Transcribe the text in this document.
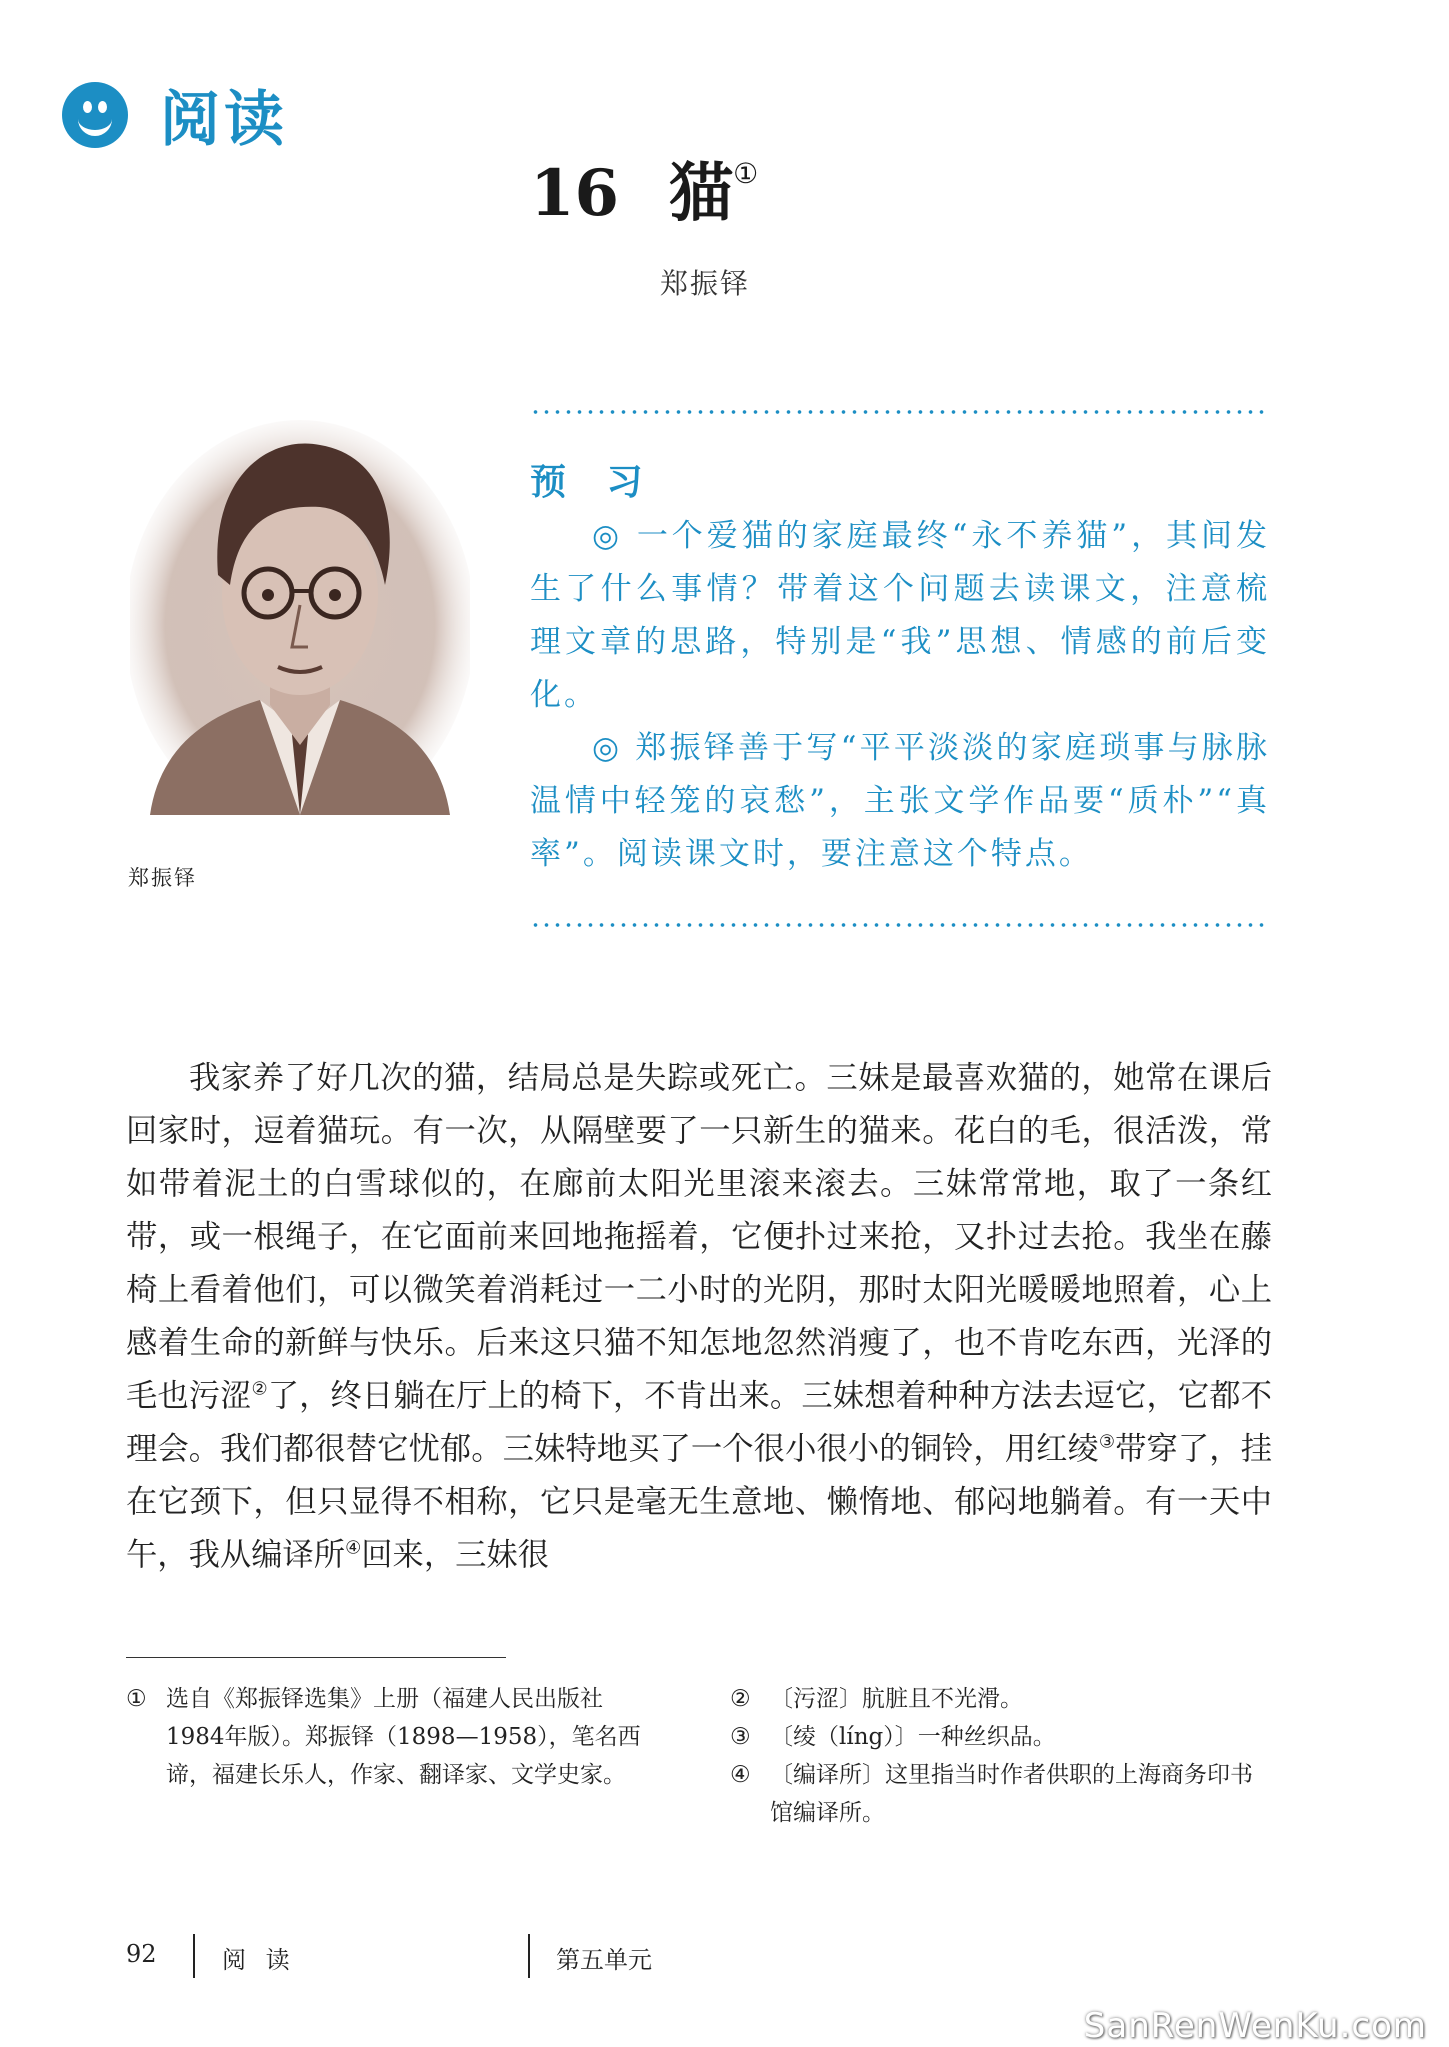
阅读
16 猫①
郑振铎
郑振铎
预 习

◎ 一个爱猫的家庭最终“永不养猫”，其间发生了什么事情？带着这个问题去读课文，注意梳理文章的思路，特别是“我”思想、情感的前后变化。

◎ 郑振铎善于写“平平淡淡的家庭琐事与脉脉温情中轻笼的哀愁”，主张文学作品要“质朴”“真率”。阅读课文时，要注意这个特点。

我家养了好几次的猫，结局总是失踪或死亡。三妹是最喜欢猫的，她常在课后回家时，逗着猫玩。有一次，从隔壁要了一只新生的猫来。花白的毛，很活泼，常如带着泥土的白雪球似的，在廊前太阳光里滚来滚去。三妹常常地，取了一条红带，或一根绳子，在它面前来回地拖摇着，它便扑过来抢，又扑过去抢。我坐在藤椅上看着他们，可以微笑着消耗过一二小时的光阴，那时太阳光暖暖地照着，心上感着生命的新鲜与快乐。后来这只猫不知怎地忽然消瘦了，也不肯吃东西，光泽的毛也污涩②了，终日躺在厅上的椅下，不肯出来。三妹想着种种方法去逗它，它都不理会。我们都很替它忧郁。三妹特地买了一个很小很小的铜铃，用红绫③带穿了，挂在它颈下，但只显得不相称，它只是毫无生意地、懒惰地、郁闷地躺着。有一天中午，我从编译所④回来，三妹很

① 选自《郑振铎选集》上册（福建人民出版社 1984年版）。郑振铎（1898—1958），笔名西谛，福建长乐人，作家、翻译家、文学史家。
② 〔污涩〕肮脏且不光滑。
③ 〔绫（líng）〕一种丝织品。
④ 〔编译所〕这里指当时作者供职的上海商务印书馆编译所。
92	阅 读	第五单元
SanRenWenKu.com
